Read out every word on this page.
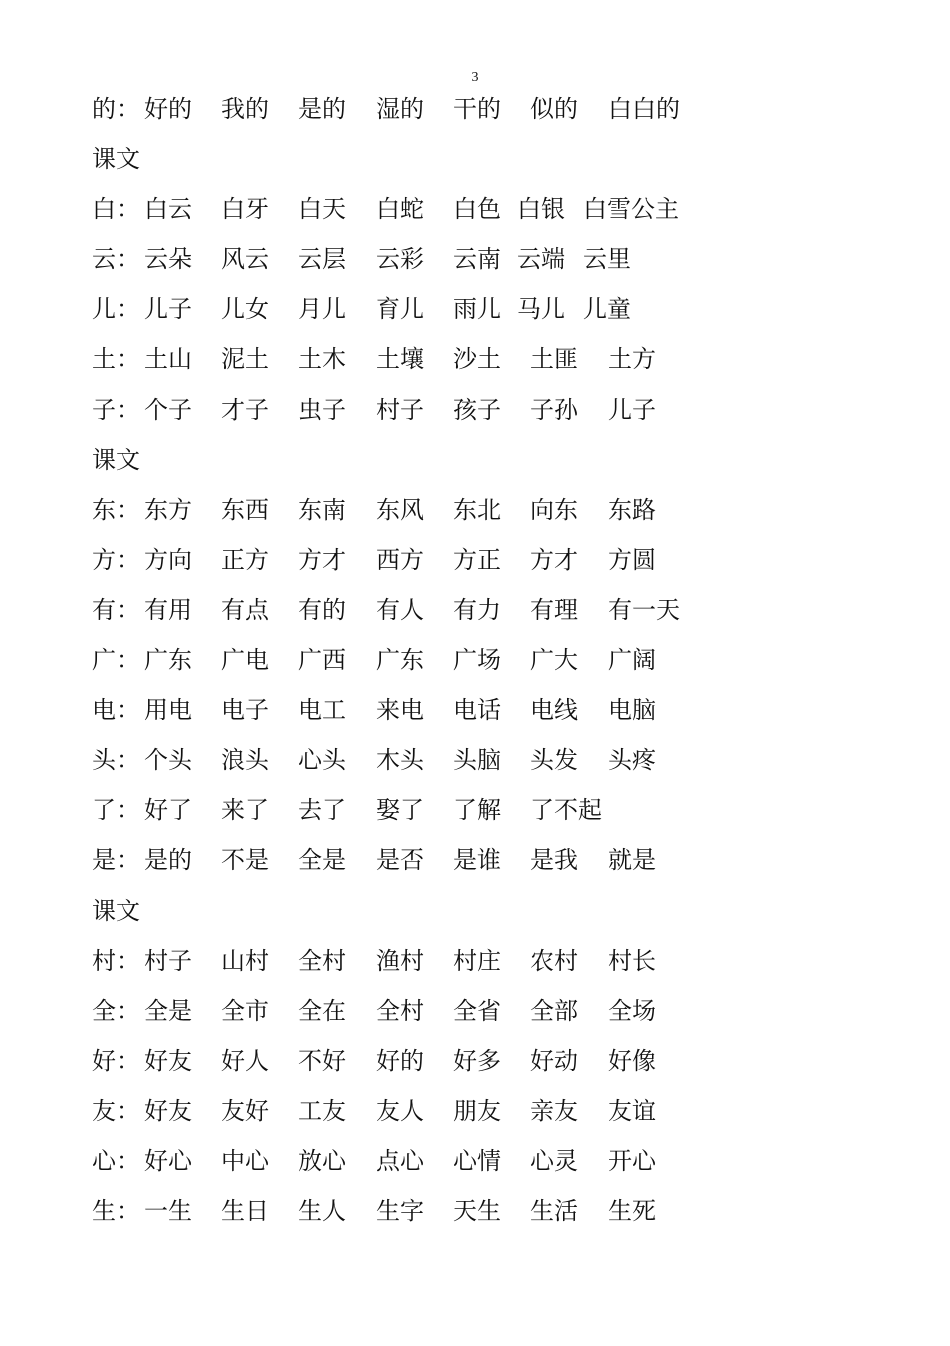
3
的： 好的 我的 是的 湿的 干的 似的 白白的
课文
白： 白云 白牙 白天 白蛇 白色 白银 白雪公主
云： 云朵 风云 云层 云彩 云南 云端 云里
儿： 儿子 儿女 月儿 育儿 雨儿 马儿 儿童
土： 土山 泥土 土木 土壤 沙土 土匪 土方
子： 个子 才子 虫子 村子 孩子 子孙 儿子
课文
东： 东方 东西 东南 东风 东北 向东 东路
方： 方向 正方 方才 西方 方正 方才 方圆
有： 有用 有点 有的 有人 有力 有理 有一天
广： 广东 广电 广西 广东 广场 广大 广阔
电： 用电 电子 电工 来电 电话 电线 电脑
头： 个头 浪头 心头 木头 头脑 头发 头疼
了： 好了 来了 去了 娶了 了解 了不起
是： 是的 不是 全是 是否 是谁 是我 就是
课文
村： 村子 山村 全村 渔村 村庄 农村 村长
全： 全是 全市 全在 全村 全省 全部 全场
好： 好友 好人 不好 好的 好多 好动 好像
友： 好友 友好 工友 友人 朋友 亲友 友谊
心： 好心 中心 放心 点心 心情 心灵 开心
生： 一生 生日 生人 生字 天生 生活 生死
